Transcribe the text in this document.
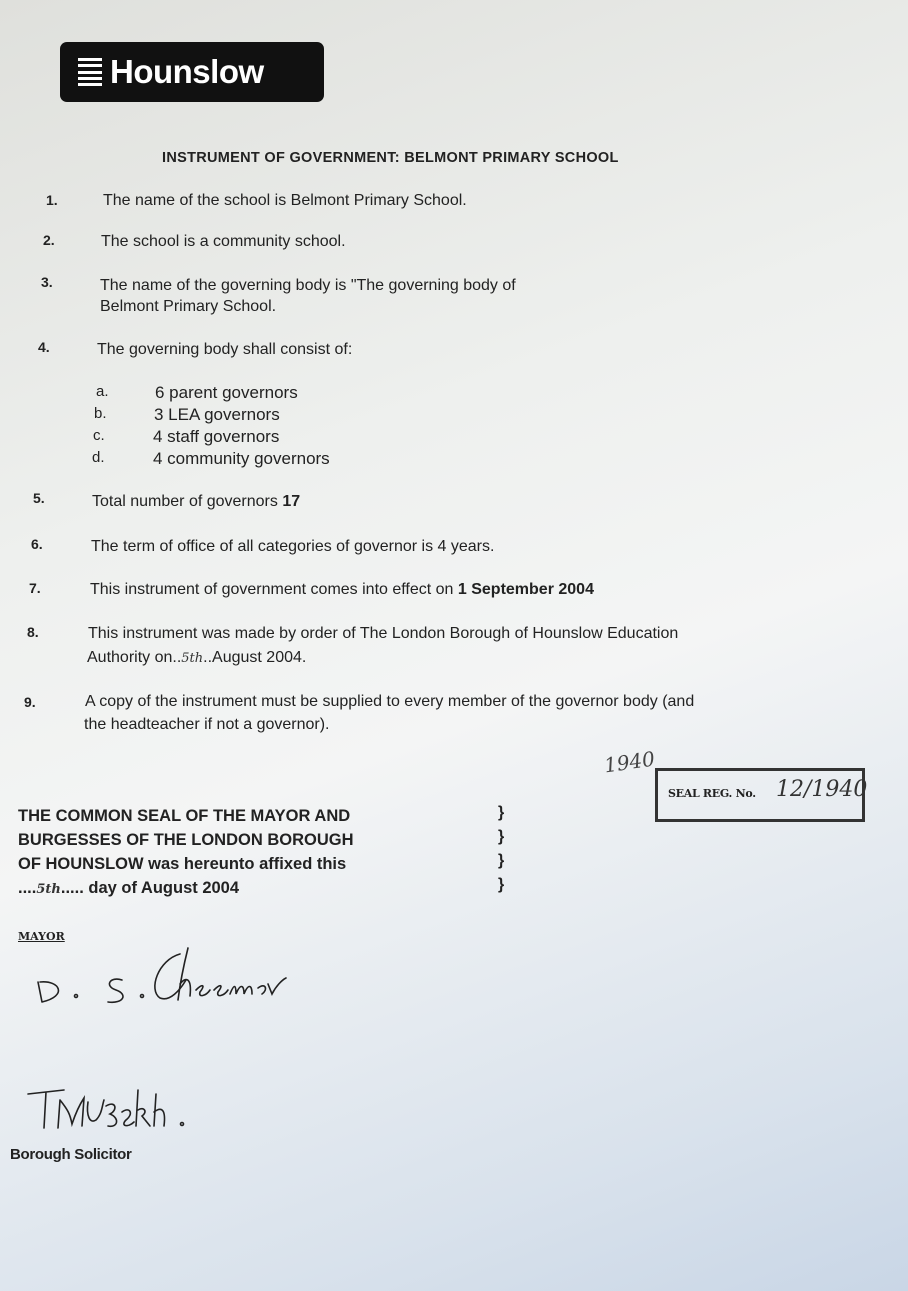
Hounslow
INSTRUMENT OF GOVERNMENT: BELMONT PRIMARY SCHOOL
1.	The name of the school is Belmont Primary School.
2.	The school is a community school.
3.	The name of the governing body is "The governing body of
Belmont Primary School.
4.	The governing body shall consist of:
a.	6 parent governors
b.	3 LEA governors
c.	4 staff governors
d.	4 community governors
5.	Total number of governors 17
6.	The term of office of all categories of governor is 4 years.
7.	This instrument of government comes into effect on 1 September 2004
8.	This instrument was made by order of The London Borough of Hounslow Education
Authority on..5th..August 2004.
9.	A copy of the instrument must be supplied to every member of the governor body (and
the headteacher if not a governor).
1940
SEAL REG. No. 12/1940
THE COMMON SEAL OF THE MAYOR AND
BURGESSES OF THE LONDON BOROUGH
OF HOUNSLOW was hereunto affixed this
....5th..... day of August 2004
}
}
}
}
MAYOR
Borough Solicitor
